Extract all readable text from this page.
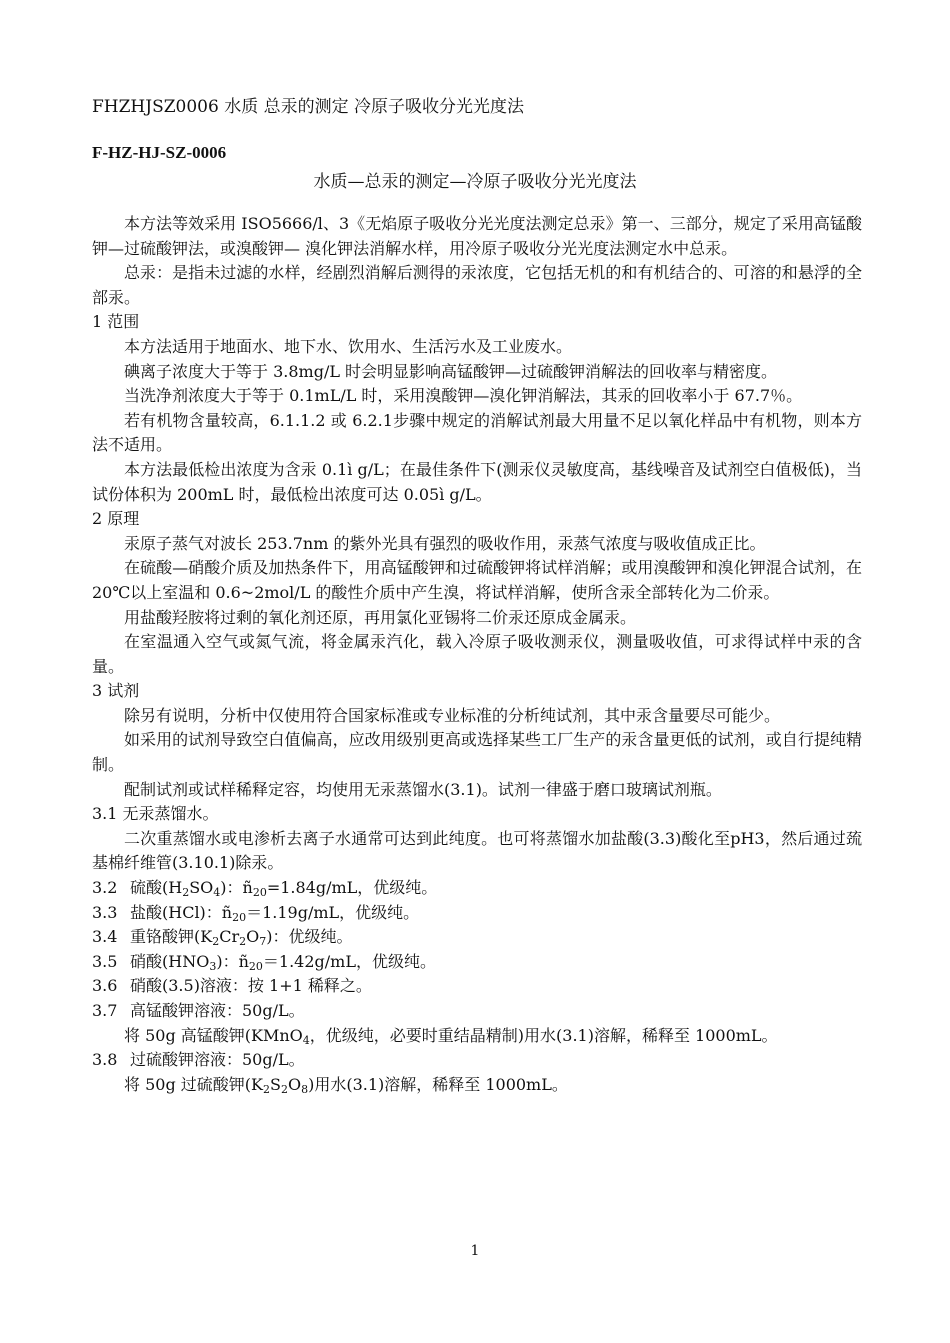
FHZHJSZ0006 水质 总汞的测定 冷原子吸收分光光度法
F-HZ-HJ-SZ-0006
水质—总汞的测定—冷原子吸收分光光度法

本方法等效采用 ISO5666/l、3《无焰原子吸收分光光度法测定总汞》第一、三部分，规定了采用高锰酸钾—过硫酸钾法，或溴酸钾— 溴化钾法消解水样，用冷原子吸收分光光度法测定水中总汞。

总汞：是指未过滤的水样，经剧烈消解后测得的汞浓度，它包括无机的和有机结合的、可溶的和悬浮的全部汞。

1 范围

本方法适用于地面水、地下水、饮用水、生活污水及工业废水。

碘离子浓度大于等于 3.8mg/L 时会明显影响高锰酸钾—过硫酸钾消解法的回收率与精密度。

当洗净剂浓度大于等于 0.1mL/L 时，采用溴酸钾—溴化钾消解法，其汞的回收率小于 67.7％。

若有机物含量较高，6.1.1.2 或 6.2.1步骤中规定的消解试剂最大用量不足以氧化样品中有机物，则本方法不适用。

本方法最低检出浓度为含汞 0.1ì g/L；在最佳条件下(测汞仪灵敏度高，基线噪音及试剂空白值极低)，当试份体积为 200mL 时，最低检出浓度可达 0.05ì g/L。

2 原理

汞原子蒸气对波长 253.7nm 的紫外光具有强烈的吸收作用，汞蒸气浓度与吸收值成正比。

在硫酸—硝酸介质及加热条件下，用高锰酸钾和过硫酸钾将试样消解；或用溴酸钾和溴化钾混合试剂，在 20℃以上室温和 0.6~2mol/L 的酸性介质中产生溴，将试样消解，使所含汞全部转化为二价汞。

用盐酸羟胺将过剩的氧化剂还原，再用氯化亚锡将二价汞还原成金属汞。

在室温通入空气或氮气流，将金属汞汽化，载入冷原子吸收测汞仪，测量吸收值，可求得试样中汞的含量。

3 试剂

除另有说明，分析中仅使用符合国家标准或专业标准的分析纯试剂，其中汞含量要尽可能少。

如采用的试剂导致空白值偏高，应改用级别更高或选择某些工厂生产的汞含量更低的试剂，或自行提纯精制。

配制试剂或试样稀释定容，均使用无汞蒸馏水(3.1)。试剂一律盛于磨口玻璃试剂瓶。

3.1 无汞蒸馏水。

二次重蒸馏水或电渗析去离子水通常可达到此纯度。也可将蒸馏水加盐酸(3.3)酸化至pH3，然后通过巯基棉纤维管(3.10.1)除汞。

3.2 硫酸$(H_2SO_4)$：$ñ_{20}=1.84g/mL$，优级纯。

3.3 盐酸(HCl)：$ñ_{20}=1.19g/mL$，优级纯。

3.4 重铬酸钾$(K_2Cr_2O_7)$：优级纯。

3.5 硝酸$(HNO_3)$：$ñ_{20}=1.42g/mL$，优级纯。

3.6 硝酸(3.5)溶液：按 1+1 稀释之。

3.7 高锰酸钾溶液：50g/L。

将 50g 高锰酸钾(KMnO$_4$，优级纯，必要时重结晶精制)用水(3.1)溶解，稀释至 1000mL。

3.8 过硫酸钾溶液：50g/L。

将 50g 过硫酸钾$(K_2S_2O_8)$用水(3.1)溶解，稀释至 1000mL。

1
